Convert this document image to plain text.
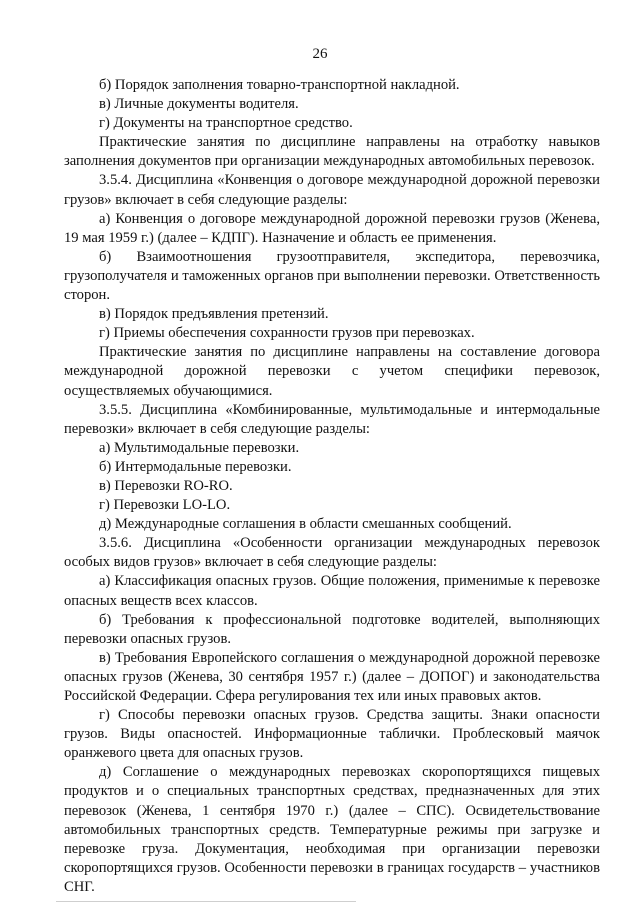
26

б) Порядок заполнения товарно-транспортной накладной.

в) Личные документы водителя.

г) Документы на транспортное средство.

Практические занятия по дисциплине направлены на отработку навыков заполнения документов при организации международных автомобильных перевозок.

3.5.4. Дисциплина «Конвенция о договоре международной дорожной перевозки грузов» включает в себя следующие разделы:

а) Конвенция о договоре международной дорожной перевозки грузов (Женева, 19 мая 1959 г.) (далее – КДПГ). Назначение и область ее применения.

б) Взаимоотношения грузоотправителя, экспедитора, перевозчика, грузополучателя и таможенных органов при выполнении перевозки. Ответственность сторон.

в) Порядок предъявления претензий.

г) Приемы обеспечения сохранности грузов при перевозках.

Практические занятия по дисциплине направлены на составление договора международной дорожной перевозки с учетом специфики перевозок, осуществляемых обучающимися.

3.5.5. Дисциплина «Комбинированные, мультимодальные и интермодальные перевозки» включает в себя следующие разделы:

а) Мультимодальные перевозки.

б) Интермодальные перевозки.

в) Перевозки RO-RO.

г) Перевозки LO-LO.

д) Международные соглашения в области смешанных сообщений.

3.5.6. Дисциплина «Особенности организации международных перевозок особых видов грузов» включает в себя следующие разделы:

а) Классификация опасных грузов. Общие положения, применимые к перевозке опасных веществ всех классов.

б) Требования к профессиональной подготовке водителей, выполняющих перевозки опасных грузов.

в) Требования Европейского соглашения о международной дорожной перевозке опасных грузов (Женева, 30 сентября 1957 г.) (далее – ДОПОГ) и законодательства Российской Федерации. Сфера регулирования тех или иных правовых актов.

г) Способы перевозки опасных грузов. Средства защиты. Знаки опасности грузов. Виды опасностей. Информационные таблички. Проблесковый маячок оранжевого цвета для опасных грузов.

д) Соглашение о международных перевозках скоропортящихся пищевых продуктов и о специальных транспортных средствах, предназначенных для этих перевозок (Женева, 1 сентября 1970 г.) (далее – СПС). Освидетельствование автомобильных транспортных средств. Температурные режимы при загрузке и перевозке груза. Документация, необходимая при организации перевозки скоропортящихся грузов. Особенности перевозки в границах государств – участников СНГ.
